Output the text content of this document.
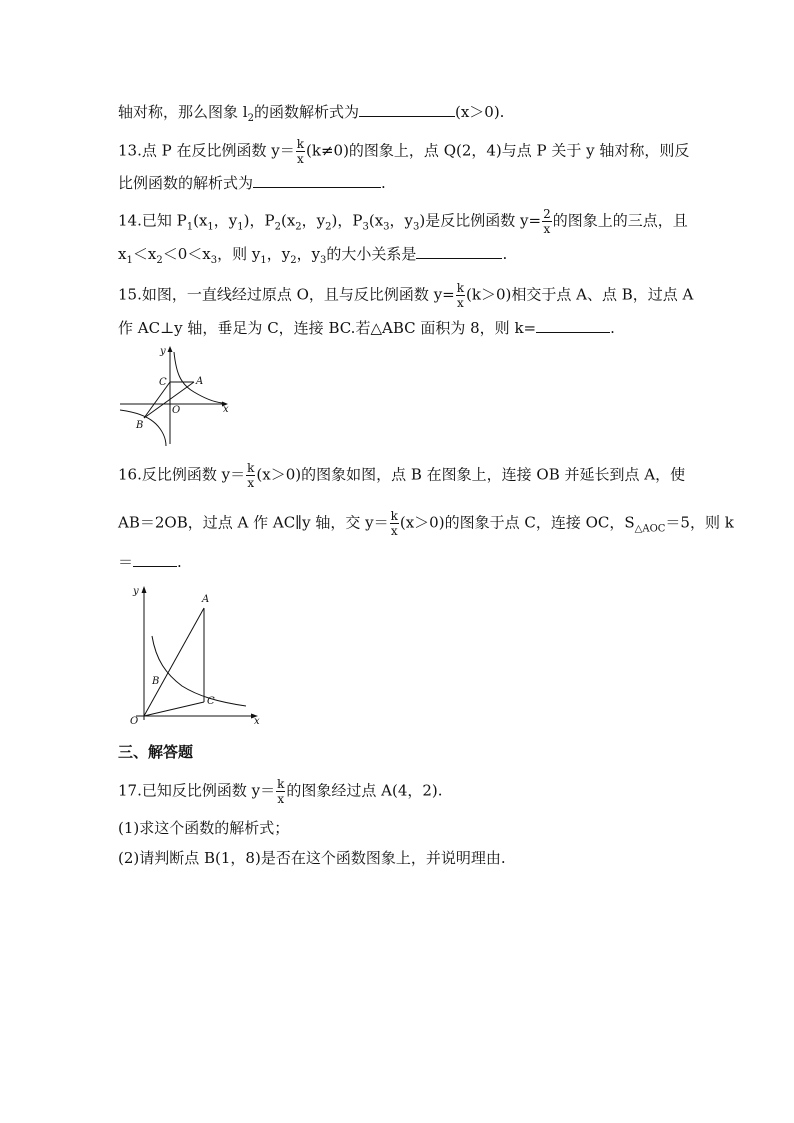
轴对称，那么图象 $l_2$的函数解析式为	(x＞0).
13.点 P 在反比例函数 $y= \frac{k}{x} (k\ne 0)$的图象上，点 Q(2，4)与点 P 关于 y 轴对称，则反
比例函数的解析式为	.
14.已知 $P_1(x_1$，$y_1$)，$P_2(x_2$，$y_2$)，$P_3(x_3$，$y_3$)是反比例函数 $y= \frac{2}{x}$ 的图象上的三点，且
$x_1<x_2<0<x_3$，则 $y_1$，$y_2$，$y_3$的大小关系是	.
15.如图，一直线经过原点 O，且与反比例函数 $y= \frac{k}{x} (k>0)$相交于点 A、点 B，过点 A
作 AC⊥y 轴，垂足为 C，连接 BC.若△ABC 面积为 8，则 k=	.
y
x
C	A
O
B
16.反比例函数 $y= \frac{k}{x} (x>0)$的图象如图，点 B 在图象上，连接 OB 并延长到点 A，使
AB＝2OB，过点 A 作 AC∥y 轴，交 $y= \frac{k}{x} (x>0)$的图象于点 C，连接 OC，$S_{\triangle AOC}=5$，则 k
＝	.
y
x
A
B
C
O
三、解答题
17.已知反比例函数 $y= \frac{k}{x}$ 的图象经过点 A(4，2).
(1)求这个函数的解析式；
(2)请判断点 B(1，8)是否在这个函数图象上，并说明理由.
